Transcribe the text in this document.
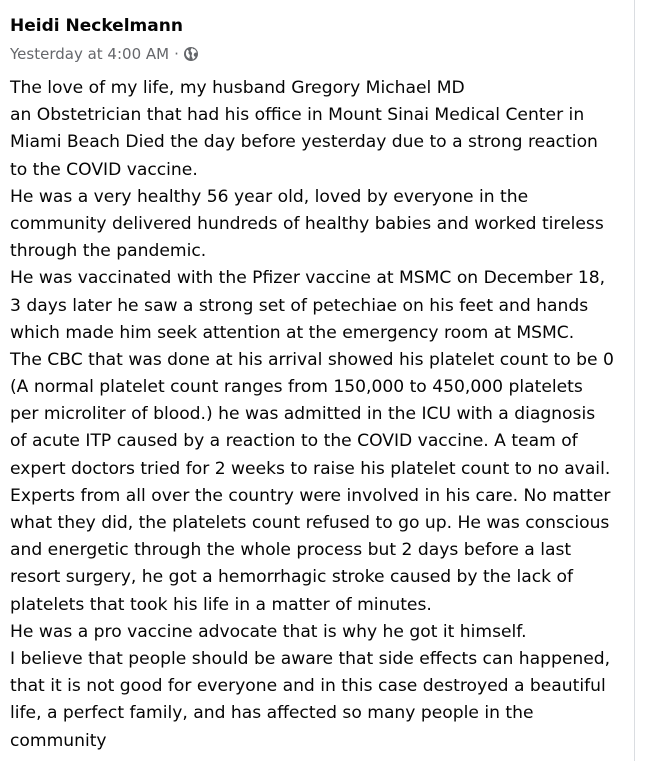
Heidi Neckelmann
Yesterday at 4:00 AM ·
The love of my life, my husband Gregory Michael MD
an Obstetrician that had his office in Mount Sinai Medical Center in
Miami Beach Died the day before yesterday due to a strong reaction
to the COVID vaccine.
He was a very healthy 56 year old, loved by everyone in the
community delivered hundreds of healthy babies and worked tireless
through the pandemic.
He was vaccinated with the Pfizer vaccine at MSMC on December 18,
3 days later he saw a strong set of petechiae on his feet and hands
which made him seek attention at the emergency room at MSMC.
The CBC that was done at his arrival showed his platelet count to be 0
(A normal platelet count ranges from 150,000 to 450,000 platelets
per microliter of blood.) he was admitted in the ICU with a diagnosis
of acute ITP caused by a reaction to the COVID vaccine. A team of
expert doctors tried for 2 weeks to raise his platelet count to no avail.
Experts from all over the country were involved in his care. No matter
what they did, the platelets count refused to go up. He was conscious
and energetic through the whole process but 2 days before a last
resort surgery, he got a hemorrhagic stroke caused by the lack of
platelets that took his life in a matter of minutes.
He was a pro vaccine advocate that is why he got it himself.
I believe that people should be aware that side effects can happened,
that it is not good for everyone and in this case destroyed a beautiful
life, a perfect family, and has affected so many people in the
community
